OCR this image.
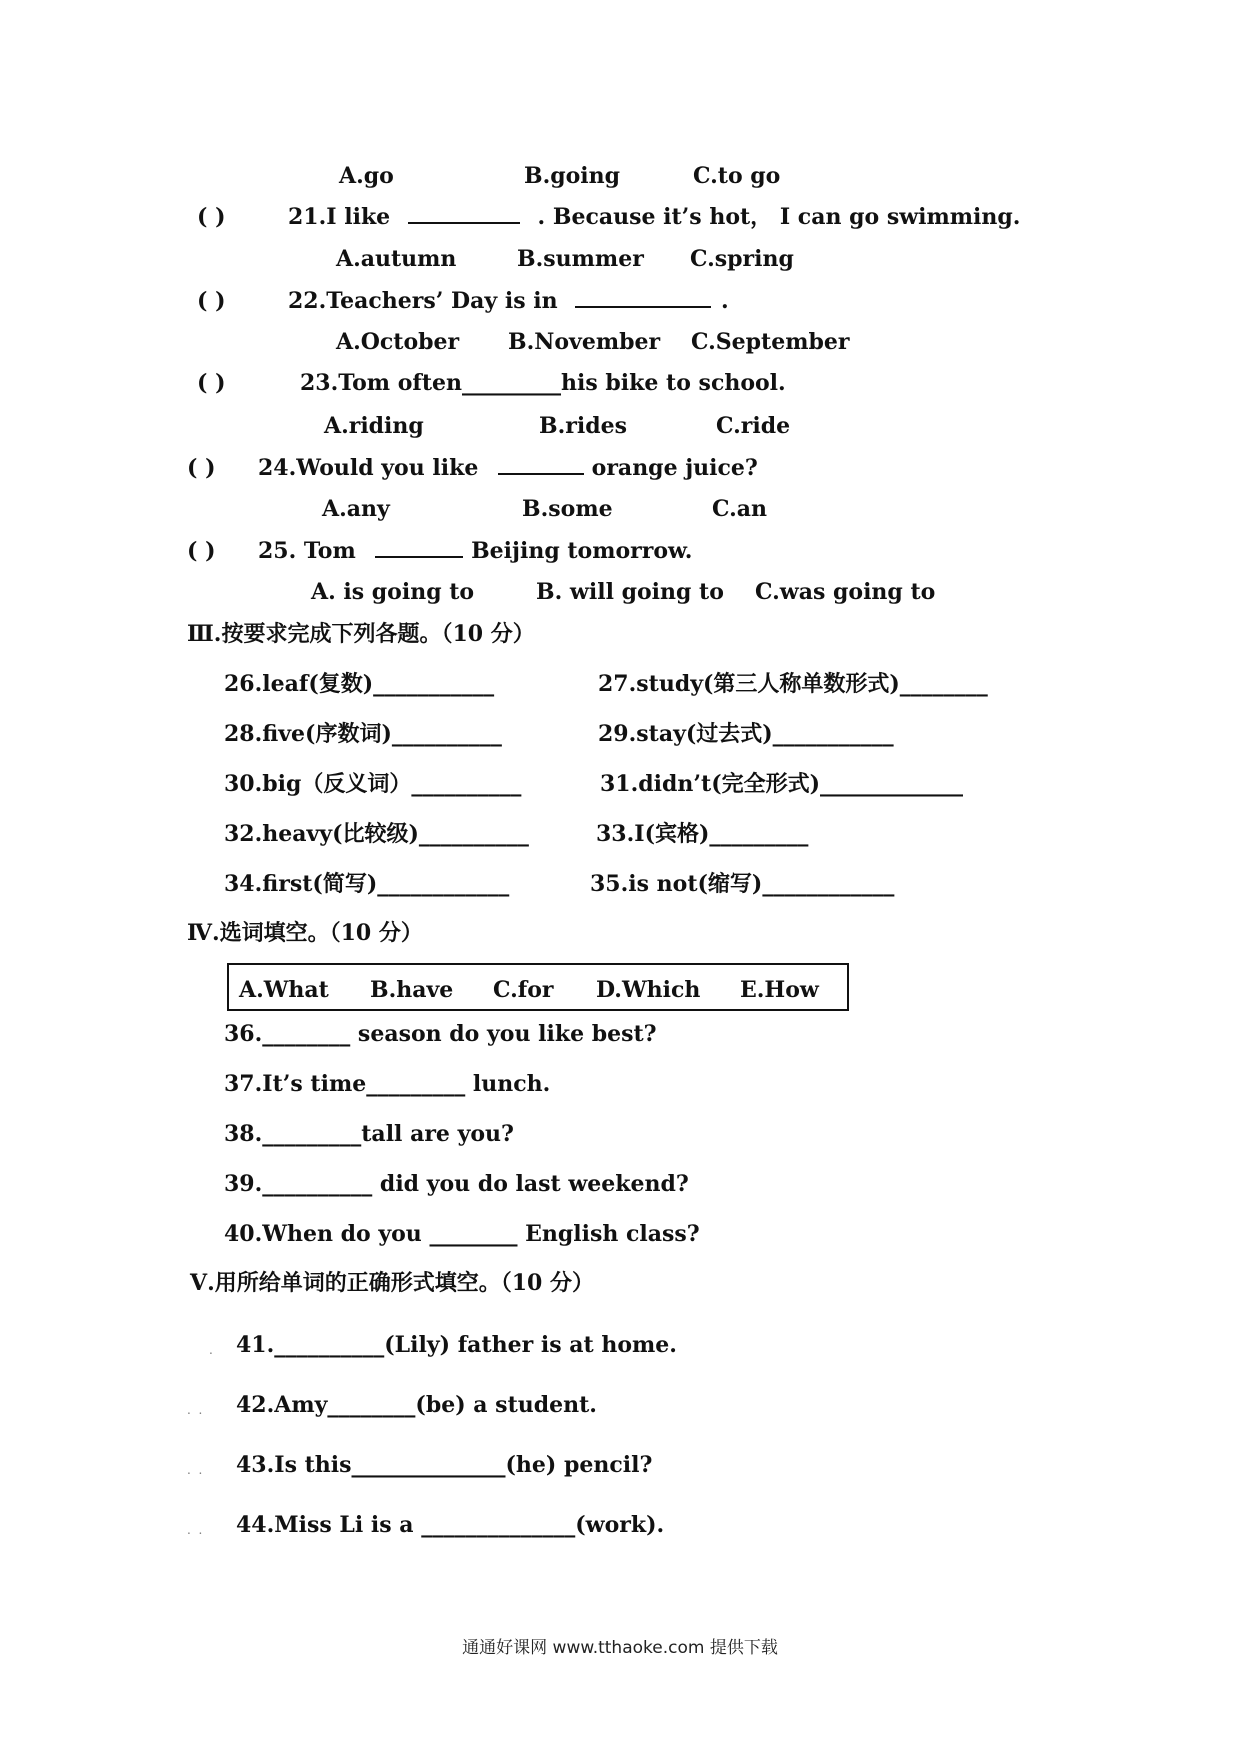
A.go	B.going	C.to go
( )	21.I like	. Because it’s hot， I can go swimming.
A.autumn	B.summer C.spring
( )	22.Teachers’ Day is in	.
A.October B.November C.September
( )	23.Tom often_________his bike to school.
A.riding	B.rides	C.ride
( ) 24.Would you like	orange juice?
A.any	B.some	C.an
( ) 25. Tom	Beijing tomorrow.
A. is going to	B. will going to C.was going to
Ⅲ.按要求完成下列各题。（10 分）
26.leaf(复数)___________	27.study(第三人称单数形式)________
28.five(序数词)__________	29.stay(过去式)___________
30.big（反义词）__________	31.didn’t(完全形式)_____________
32.heavy(比较级)__________	33.I(宾格)_________
34.first(简写)____________	35.is not(缩写)____________
Ⅳ.选词填空。（10 分）
A.What B.have C.for D.Which E.How
36.________ season do you like best?
37.It’s time_________ lunch.
38._________tall are you?
39.__________ did you do last weekend?
40.When do you ________ English class?
Ⅴ.用所给单词的正确形式填空。（10 分）
. 41.__________(Lily) father is at home.
.  . 42.Amy________(be) a student.
.  . 43.Is this______________(he) pencil?
.  . 44.Miss Li is a ______________(work).
通通好课网 www.tthaoke.com 提供下载
